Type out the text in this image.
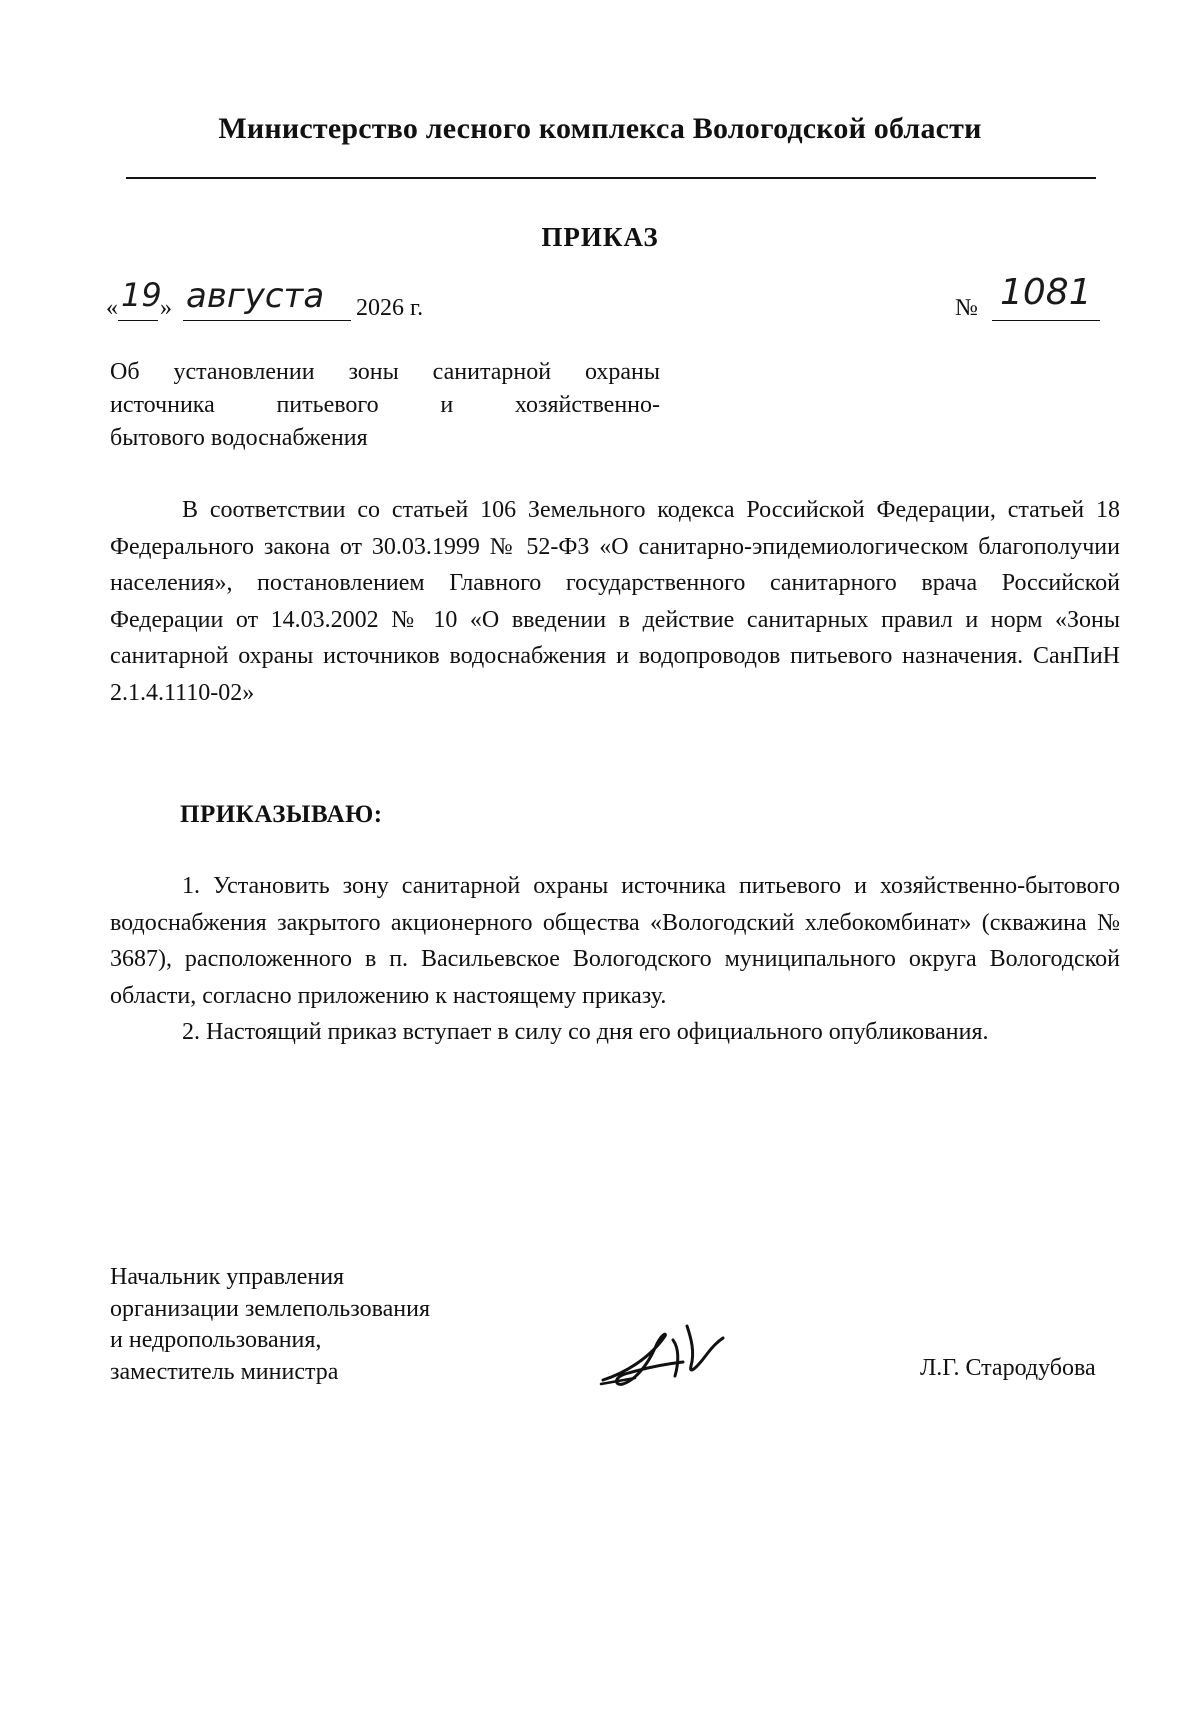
Министерство лесного комплекса Вологодской области
ПРИКАЗ
« 19
» августа 2026 г.	№ 1081
Об установлении зоны санитарной охраны
источника питьевого и хозяйственно-
бытового водоснабжения

В соответствии со статьей 106 Земельного кодекса Российской Федерации, статьей 18 Федерального закона от 30.03.1999 № 52-ФЗ «О санитарно-эпидемиологическом благополучии населения», постановлением Главного государственного санитарного врача Российской Федерации от 14.03.2002 № 10 «О введении в действие санитарных правил и норм «Зоны санитарной охраны источников водоснабжения и водопроводов питьевого назначения. СанПиН 2.1.4.1110-02»

ПРИКАЗЫВАЮ:

1. Установить зону санитарной охраны источника питьевого и хозяйственно-бытового водоснабжения закрытого акционерного общества «Вологодский хлебокомбинат» (скважина № 3687), расположенного в п. Васильевское Вологодского муниципального округа Вологодской области, согласно приложению к настоящему приказу.

2. Настоящий приказ вступает в силу со дня его официального опубликования.

Начальник управления
организации землепользования
и недропользования,
заместитель министра	Л.Г. Стародубова
